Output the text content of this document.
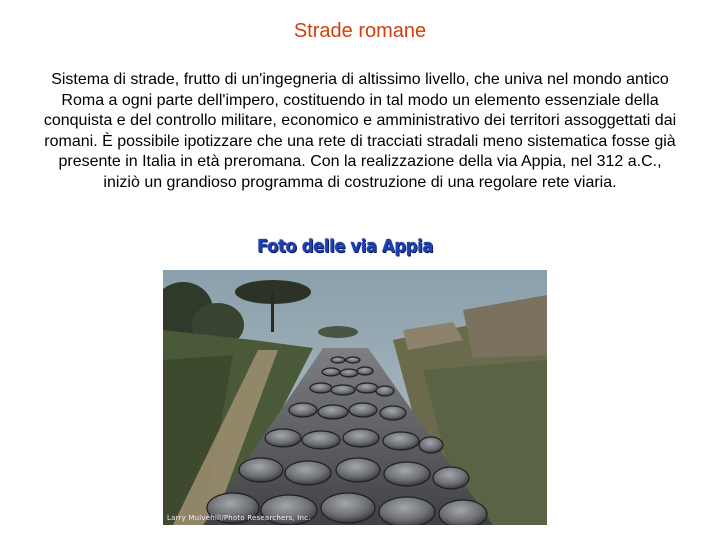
Strade romane
Sistema di strade, frutto di un'ingegneria di altissimo livello, che univa nel mondo antico Roma a ogni parte dell'impero, costituendo in tal modo un elemento essenziale della conquista e del controllo militare, economico e amministrativo dei territori assoggettati dai romani. È possibile ipotizzare che una rete di tracciati stradali meno sistematica fosse già presente in Italia in età preromana. Con la realizzazione della via Appia, nel 312 a.C., iniziò un grandioso programma di costruzione di una regolare rete viaria.
Foto delle via Appia
Larry Mulvehill/Photo Researchers, Inc.
